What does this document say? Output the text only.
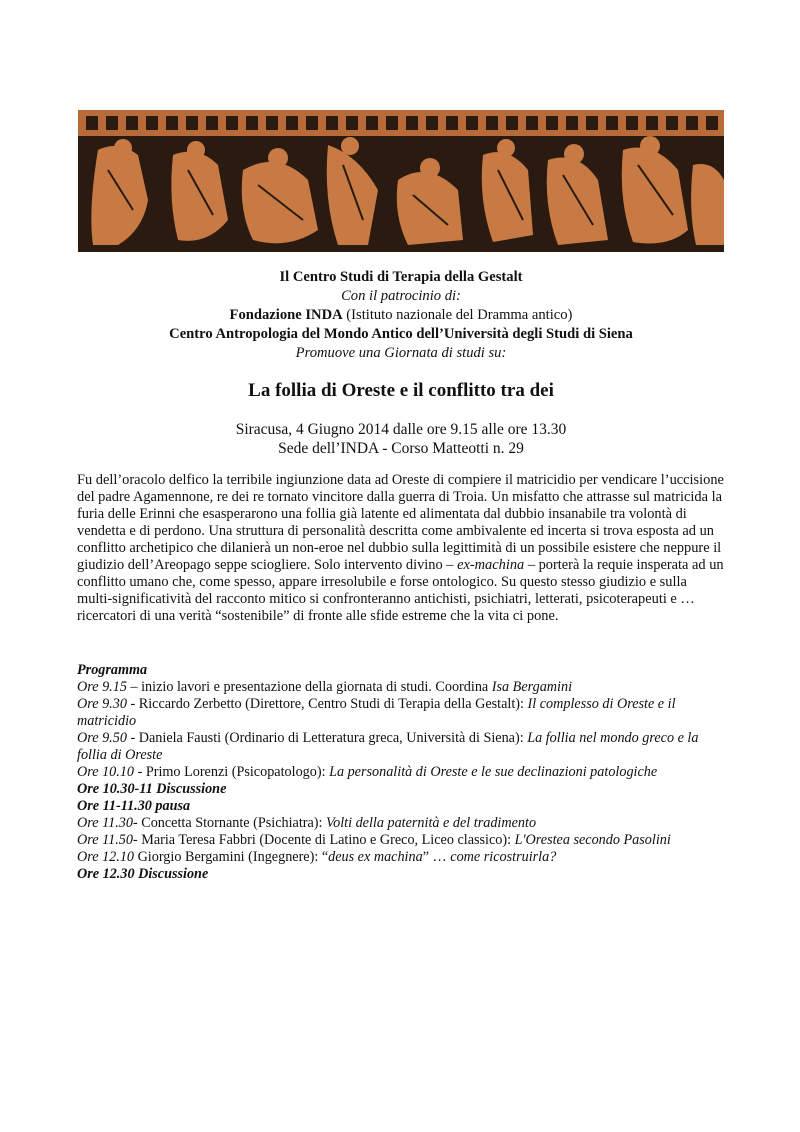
Il Centro Studi di Terapia della Gestalt
Con il patrocinio di:
Fondazione INDA (Istituto nazionale del Dramma antico)
Centro Antropologia del Mondo Antico dell’Università degli Studi di Siena
Promuove una Giornata di studi su:
La follia di Oreste e il conflitto tra dei
Siracusa, 4 Giugno 2014 dalle ore 9.15 alle ore 13.30
Sede dell’INDA - Corso Matteotti n. 29
Fu dell’oracolo delfico la terribile ingiunzione data ad Oreste di compiere il matricidio per vendicare l’uccisione del padre Agamennone, re dei re tornato vincitore dalla guerra di Troia. Un misfatto che attrasse sul matricida la furia delle Erinni che esasperarono una follia già latente ed alimentata dal dubbio insanabile tra volontà di vendetta e di perdono. Una struttura di personalità descritta come ambivalente ed incerta si trova esposta ad un conflitto archetipico che dilanierà un non-eroe nel dubbio sulla legittimità di un possibile esistere che neppure il giudizio dell’Areopago seppe sciogliere. Solo intervento divino – ex-machina – porterà la requie insperata ad un conflitto umano che, come spesso, appare irresolubile e forse ontologico. Su questo stesso giudizio e sulla multi-significatività del racconto mitico si confronteranno antichisti, psichiatri, letterati, psicoterapeuti e … ricercatori di una verità “sostenibile” di fronte alle sfide estreme che la vita ci pone.
Programma
Ore 9.15 – inizio lavori e presentazione della giornata di studi. Coordina Isa Bergamini
Ore 9.30 - Riccardo Zerbetto (Direttore, Centro Studi di Terapia della Gestalt): Il complesso di Oreste e il matricidio
Ore 9.50 - Daniela Fausti (Ordinario di Letteratura greca, Università di Siena): La follia nel mondo greco e la follia di Oreste
Ore 10.10 - Primo Lorenzi (Psicopatologo): La personalità di Oreste e le sue declinazioni patologiche
Ore 10.30-11 Discussione
Ore 11-11.30 pausa
Ore 11.30- Concetta Stornante (Psichiatra): Volti della paternità e del tradimento
Ore 11.50- Maria Teresa Fabbri (Docente di Latino e Greco, Liceo classico): L'Orestea secondo Pasolini
Ore 12.10 Giorgio Bergamini (Ingegnere): “deus ex machina” … come ricostruirla?
Ore 12.30 Discussione
